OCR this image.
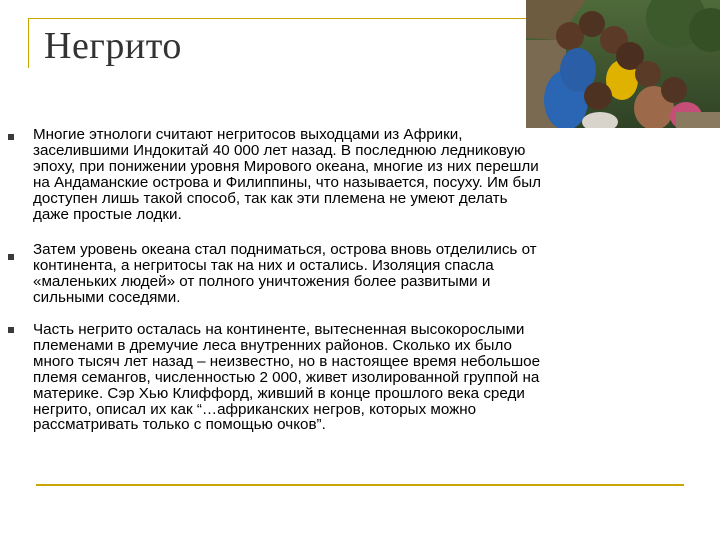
Негрито
Многие этнологи считают негритосов выходцами из Африки,
заселившими Индокитай 40 000 лет назад. В последнюю ледниковую
эпоху, при понижении уровня Мирового океана, многие из них перешли
на Андаманские острова и Филиппины, что называется, посуху. Им был
доступен лишь такой способ, так как эти племена не умеют делать
даже простые лодки.
Затем уровень океана стал подниматься, острова вновь отделились от
континента, а негритосы так на них и остались. Изоляция спасла
«маленьких людей» от полного уничтожения более развитыми и
сильными соседями.
Часть негрито осталась на континенте, вытесненная высокорослыми
племенами в дремучие леса внутренних районов. Сколько их было
много тысяч лет назад – неизвестно, но в настоящее время небольшое
племя семангов, численностью 2 000, живет изолированной группой на
материке. Сэр Хью Клиффорд, живший в конце прошлого века среди
негрито, описал их как “…африканских негров, которых можно
рассматривать только с помощью очков”.
